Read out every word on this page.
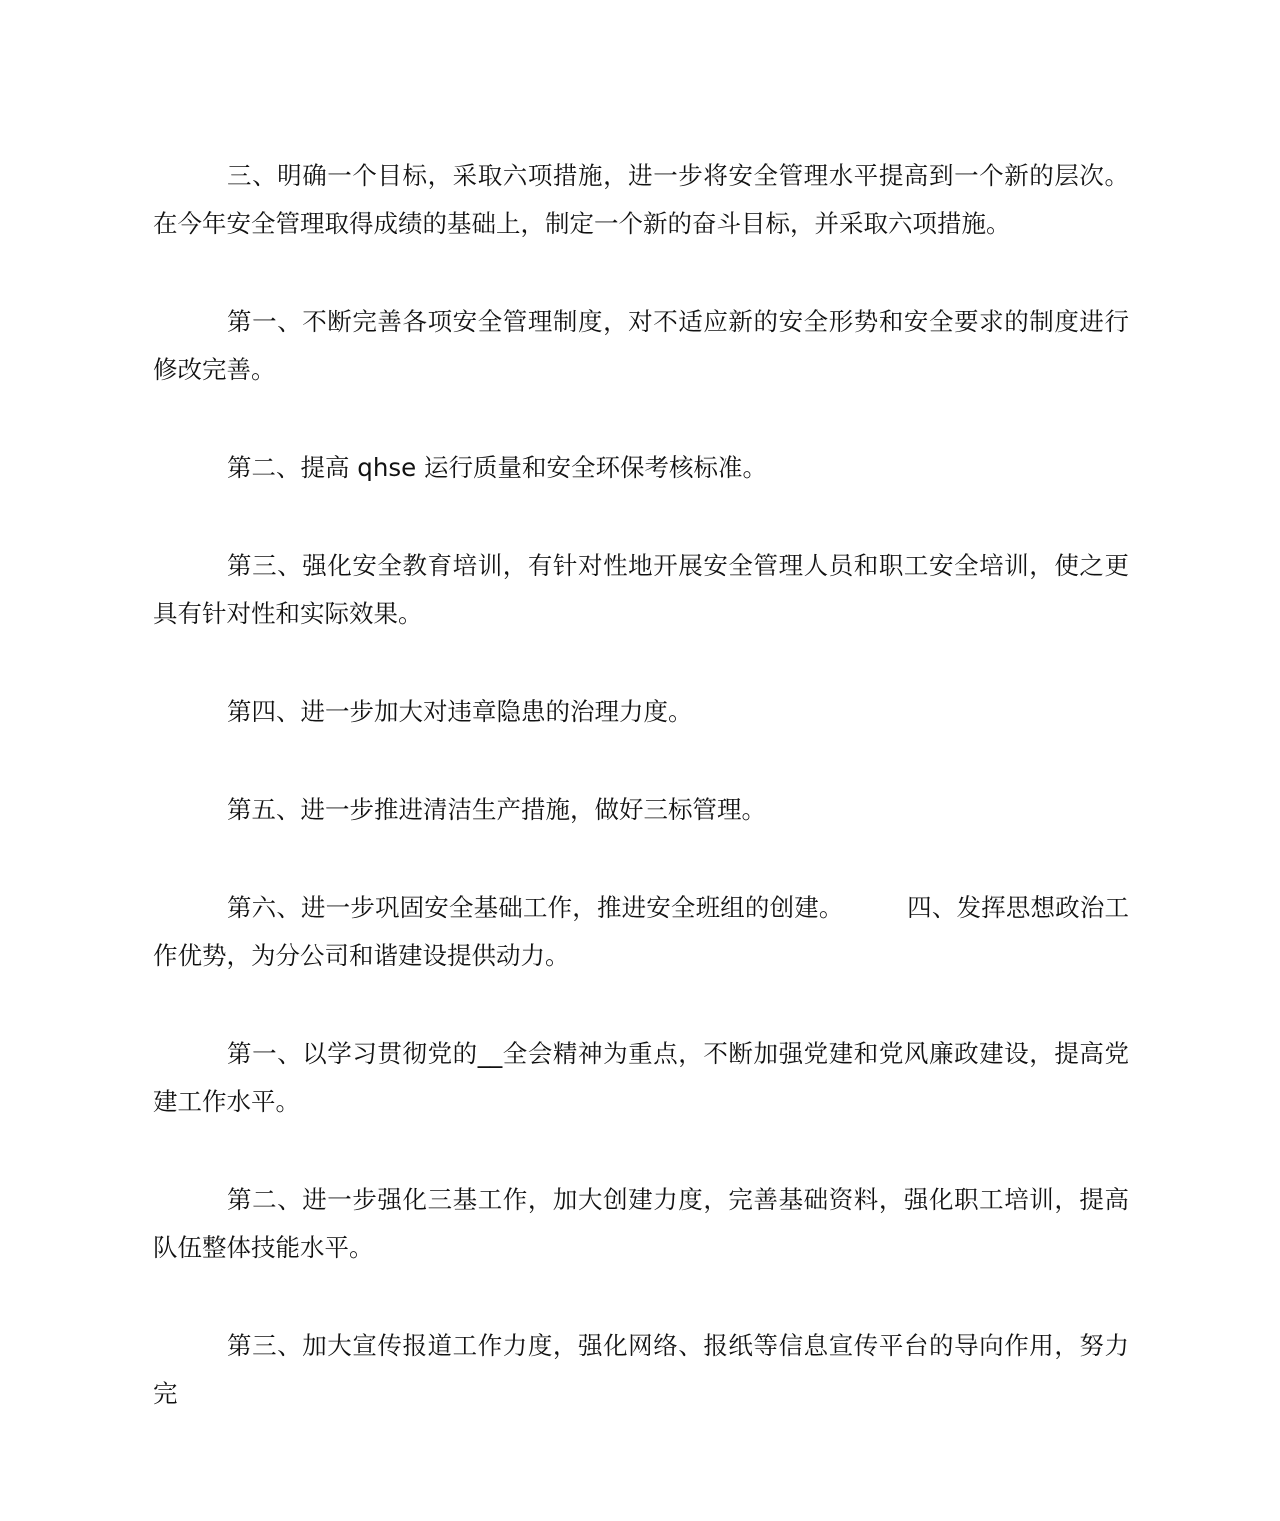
三、明确一个目标，采取六项措施，进一步将安全管理水平提高到一个新的层次。在今年安全管理取得成绩的基础上，制定一个新的奋斗目标，并采取六项措施。

第一、不断完善各项安全管理制度，对不适应新的安全形势和安全要求的制度进行修改完善。

第二、提高 qhse 运行质量和安全环保考核标准。

第三、强化安全教育培训，有针对性地开展安全管理人员和职工安全培训，使之更具有针对性和实际效果。

第四、进一步加大对违章隐患的治理力度。

第五、进一步推进清洁生产措施，做好三标管理。

第六、进一步巩固安全基础工作，推进安全班组的创建。        四、发挥思想政治工作优势，为分公司和谐建设提供动力。

第一、以学习贯彻党的__全会精神为重点，不断加强党建和党风廉政建设，提高党建工作水平。

第二、进一步强化三基工作，加大创建力度，完善基础资料，强化职工培训，提高队伍整体技能水平。

第三、加大宣传报道工作力度，强化网络、报纸等信息宣传平台的导向作用，努力完
